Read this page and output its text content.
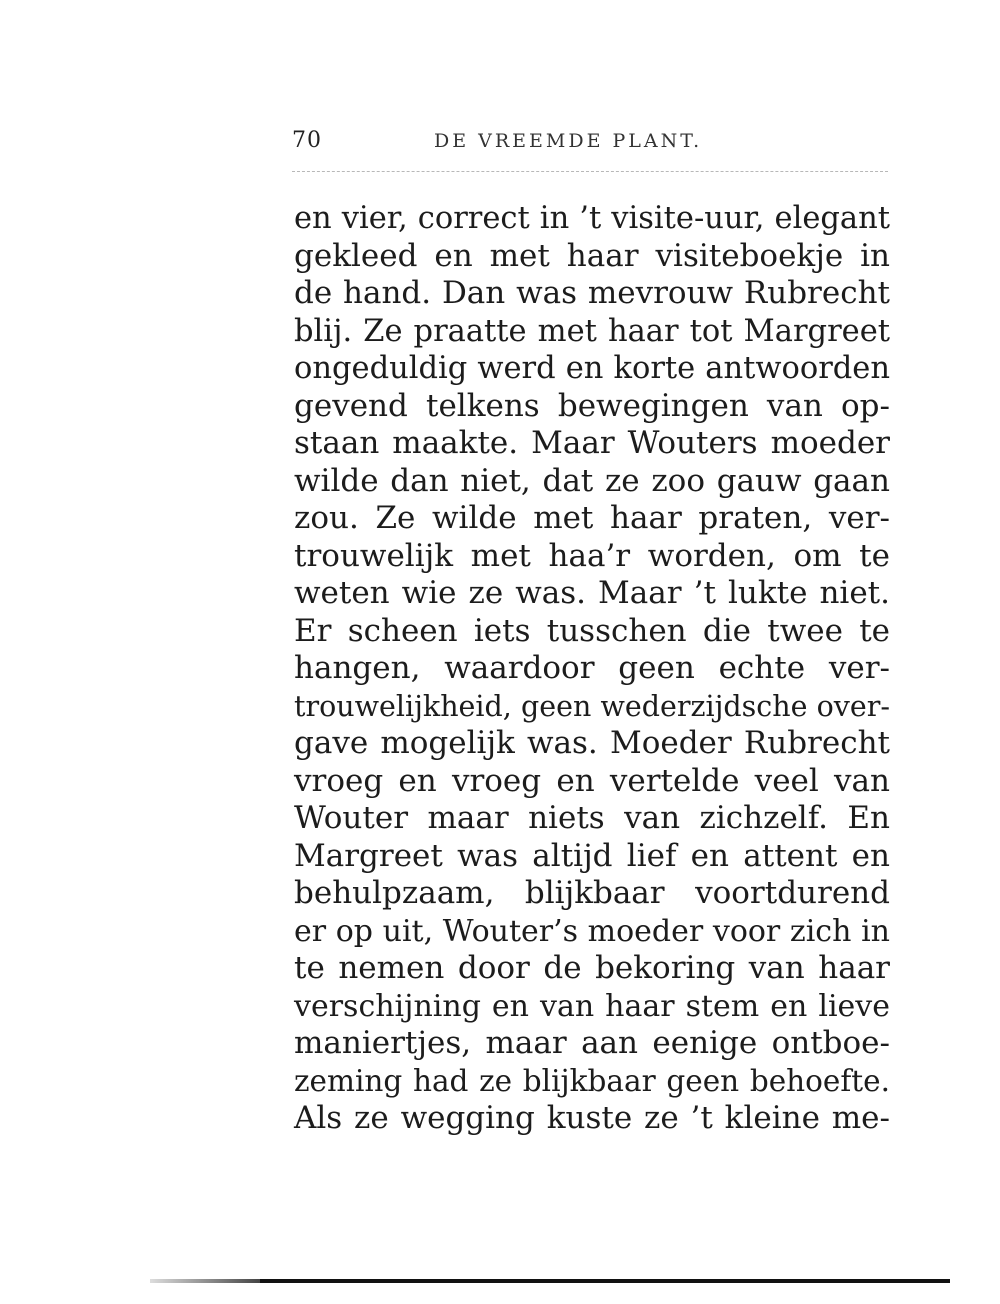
70	DE VREEMDE PLANT.
en vier, correct in ’t visite-uur, elegant
gekleed en met haar visiteboekje in
de hand. Dan was mevrouw Rubrecht
blij. Ze praatte met haar tot Margreet
ongeduldig werd en korte antwoorden
gevend telkens bewegingen van op-
staan maakte. Maar Wouters moeder
wilde dan niet, dat ze zoo gauw gaan
zou. Ze wilde met haar praten, ver-
trouwelijk met haa’r worden, om te
weten wie ze was. Maar ’t lukte niet.
Er scheen iets tusschen die twee te
hangen, waardoor geen echte ver-
trouwelijkheid, geen wederzijdsche over-
gave mogelijk was. Moeder Rubrecht
vroeg en vroeg en vertelde veel van
Wouter maar niets van zichzelf. En
Margreet was altijd lief en attent en
behulpzaam, blijkbaar voortdurend
er op uit, Wouter’s moeder voor zich in
te nemen door de bekoring van haar
verschijning en van haar stem en lieve
maniertjes, maar aan eenige ontboe-
zeming had ze blijkbaar geen behoefte.
Als ze wegging kuste ze ’t kleine me-
